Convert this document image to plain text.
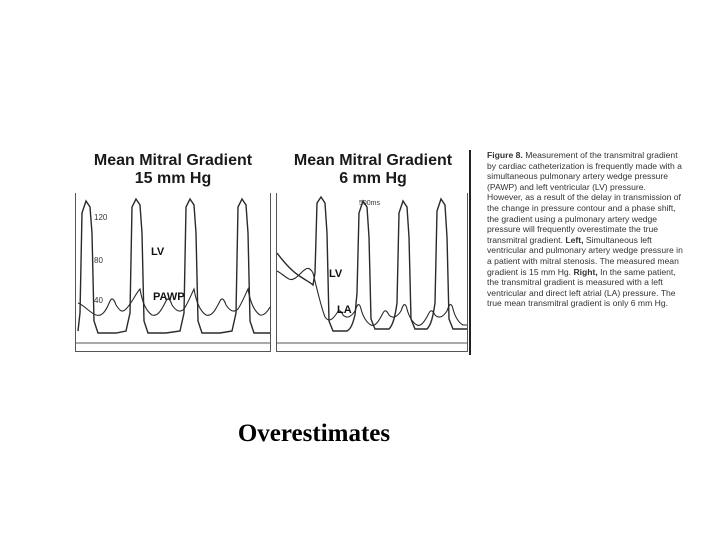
Mean Mitral Gradient
15 mm Hg
Mean Mitral Gradient
6 mm Hg
120
80
40
LV
PAWP
500ms
LV
LA
Figure 8. Measurement of the transmitral gradient by cardiac catheterization is frequently made with a simultaneous pulmonary artery wedge pressure (PAWP) and left ventricular (LV) pressure. However, as a result of the delay in transmission of the change in pressure contour and a phase shift, the gradient using a pulmonary artery wedge pressure will frequently overestimate the true transmitral gradient. Left, Simultaneous left ventricular and pulmonary artery wedge pressure in a patient with mitral stenosis. The measured mean gradient is 15 mm Hg. Right, In the same patient, the transmitral gradient is measured with a left ventricular and direct left atrial (LA) pressure. The true mean transmitral gradient is only 6 mm Hg.
Overestimates
